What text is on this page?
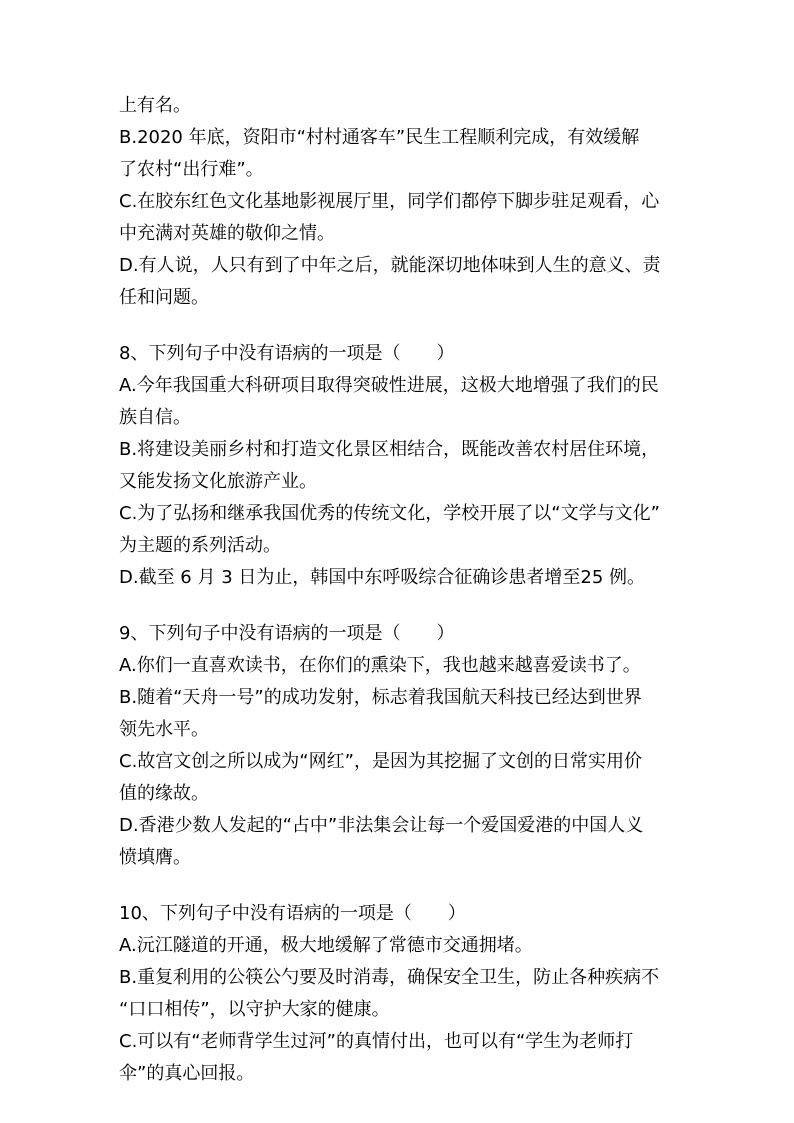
上有名。
B.2020 年底，资阳市“村村通客车”民生工程顺利完成，有效缓解
了农村“出行难”。
C.在胶东红色文化基地影视展厅里，同学们都停下脚步驻足观看，心
中充满对英雄的敬仰之情。
D.有人说，人只有到了中年之后，就能深切地体味到人生的意义、责
任和问题。
8、下列句子中没有语病的一项是（　　）
A.今年我国重大科研项目取得突破性进展，这极大地增强了我们的民
族自信。
B.将建设美丽乡村和打造文化景区相结合，既能改善农村居住环境，
又能发扬文化旅游产业。
C.为了弘扬和继承我国优秀的传统文化，学校开展了以“文学与文化”
为主题的系列活动。
D.截至 6 月 3 日为止，韩国中东呼吸综合征确诊患者增至25 例。
9、下列句子中没有语病的一项是（　　）
A.你们一直喜欢读书，在你们的熏染下，我也越来越喜爱读书了。
B.随着“天舟一号”的成功发射，标志着我国航天科技已经达到世界
领先水平。
C.故宫文创之所以成为“网红”，是因为其挖掘了文创的日常实用价
值的缘故。
D.香港少数人发起的“占中”非法集会让每一个爱国爱港的中国人义
愤填膺。
10、下列句子中没有语病的一项是（　　）
A.沅江隧道的开通，极大地缓解了常德市交通拥堵。
B.重复利用的公筷公勺要及时消毒，确保安全卫生，防止各种疾病不
“口口相传”，以守护大家的健康。
C.可以有“老师背学生过河”的真情付出，也可以有“学生为老师打
伞”的真心回报。
